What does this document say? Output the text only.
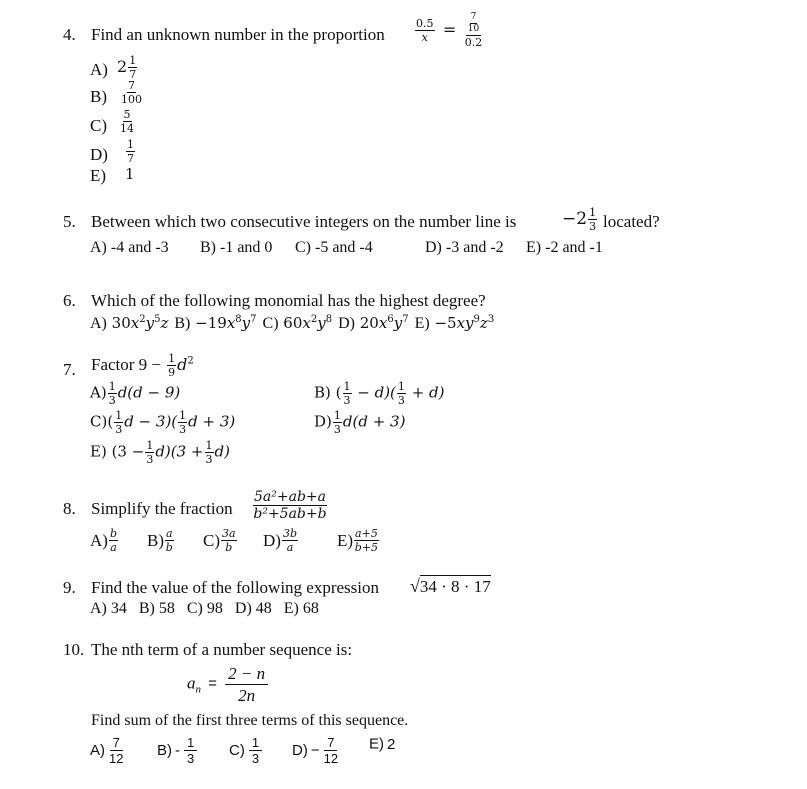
4. Find an unknown number in the proportion	$\frac{0.5}{x} = \frac{\frac{7}{10}}{0.2}$
A) $2 \frac{1}{7}$
$B) \frac{7}{100}$
$C) \frac{5}{14}$
$D) \frac{1}{7}$
E) 1
5. Between which two consecutive integers on the number line is	$-2 \frac{1}{3}$ located?
A) -4 and -3 B) -1 and 0 C) -5 and -4	D) -3 and -2 E) -2 and -1
6. Which of the following monomial has the highest degree?
A) $30x^2y^5z$ $B) -19x^8y^7$ C) $60x^2y^8$ D) $20x^6y^7$ $E) -5xy^9z^3$
7. Factor $9 - \frac{1}{9} d^2$
$A) \frac{1}{3} d(d - 9)$	B) ( $\frac{1}{3} - d)( \frac{1}{3} + d)$
$C)( \frac{1}{3}$ $d - 3)( \frac{1}{3}$ d + 3)	$D) \frac{1}{3} d(d + 3)$
E) $(3 - \frac{1}{3} d)(3 + \frac{1}{3} d)$
8. Simplify the fraction $\frac{\text{5a²+ab+a}}{\text{b²+5ab+b}}$
$A) \frac{b}{a} B) \frac{a}{b} C) \frac{3a}{b} D) \frac{3b}{a} E) \frac{a+5}{b+5}$
9. Find the value of the following expression √34 · 8 · 17
A) 34   B) 58   C) 98   D) 48   E) 68
10. The nth term of a number sequence is:
$a_n = \frac{2 - n}{2n}$
Find sum of the first three terms of this sequence.
$A) \frac{7}{12} B) - \frac{1}{3} C) \frac{1}{3} D) - \frac{7}{12} E$) 2
